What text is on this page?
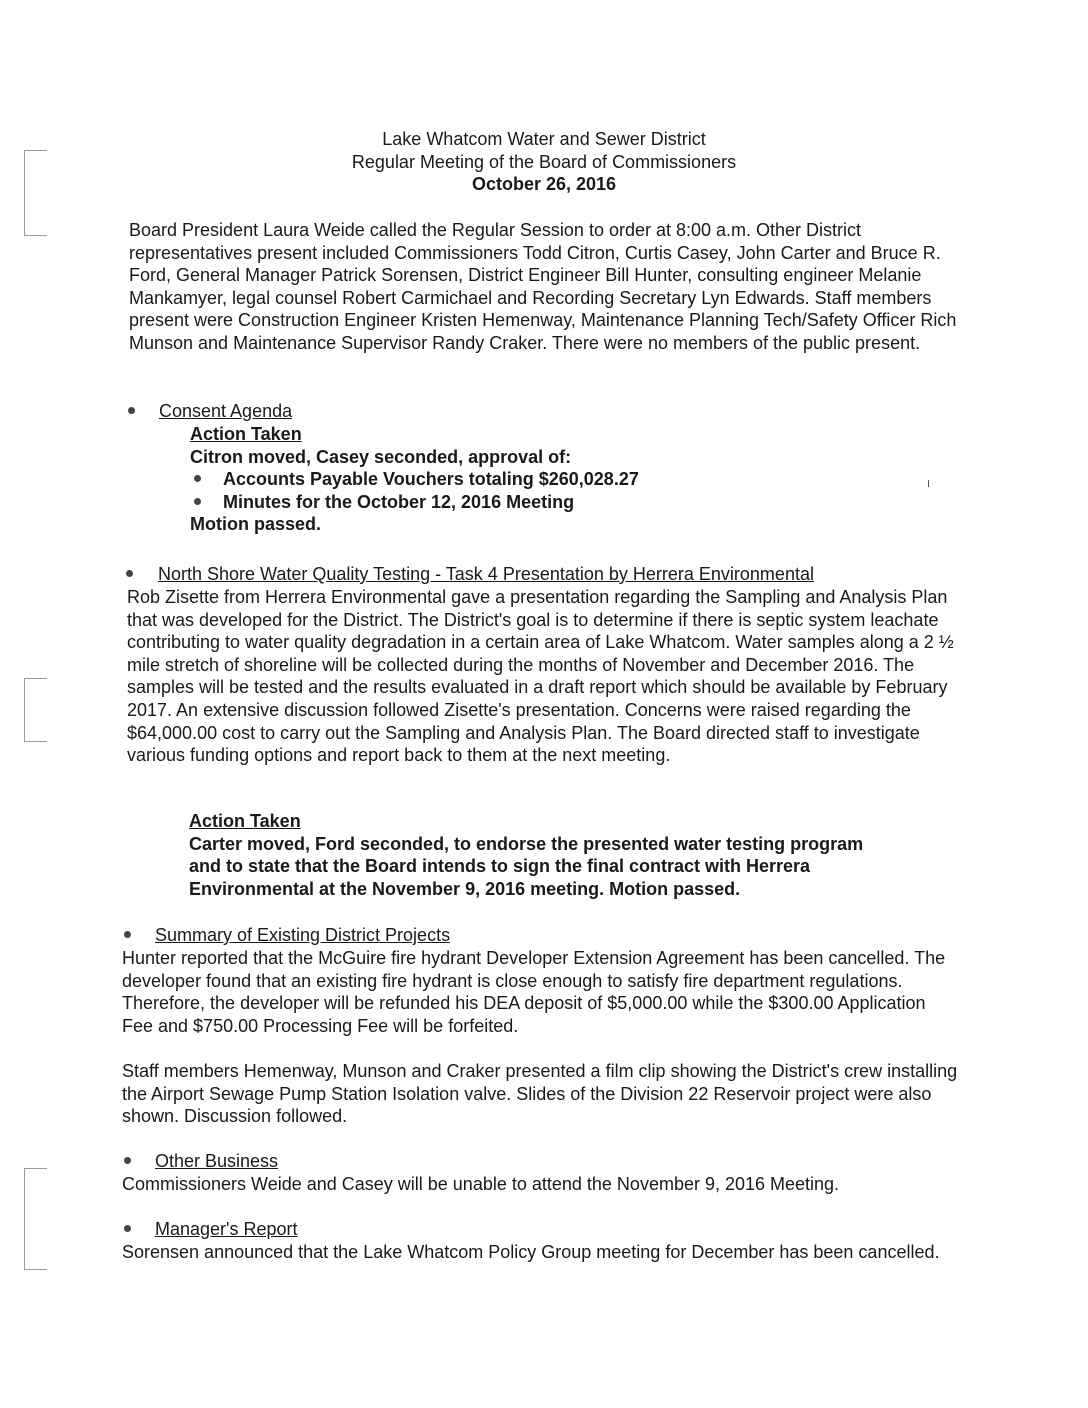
Lake Whatcom Water and Sewer District
Regular Meeting of the Board of Commissioners
October 26, 2016

Board President Laura Weide called the Regular Session to order at 8:00 a.m. Other District representatives present included Commissioners Todd Citron, Curtis Casey, John Carter and Bruce R. Ford, General Manager Patrick Sorensen, District Engineer Bill Hunter, consulting engineer Melanie Mankamyer, legal counsel Robert Carmichael and Recording Secretary Lyn Edwards. Staff members present were Construction Engineer Kristen Hemenway, Maintenance Planning Tech/Safety Officer Rich Munson and Maintenance Supervisor Randy Craker. There were no members of the public present.

Consent Agenda
Action Taken
Citron moved, Casey seconded, approval of:
Accounts Payable Vouchers totaling $260,028.27
Minutes for the October 12, 2016 Meeting
Motion passed.
North Shore Water Quality Testing - Task 4 Presentation by Herrera Environmental

Rob Zisette from Herrera Environmental gave a presentation regarding the Sampling and Analysis Plan that was developed for the District. The District's goal is to determine if there is septic system leachate contributing to water quality degradation in a certain area of Lake Whatcom. Water samples along a 2 ½ mile stretch of shoreline will be collected during the months of November and December 2016. The samples will be tested and the results evaluated in a draft report which should be available by February 2017. An extensive discussion followed Zisette's presentation. Concerns were raised regarding the $64,000.00 cost to carry out the Sampling and Analysis Plan. The Board directed staff to investigate various funding options and report back to them at the next meeting.

Action Taken
Carter moved, Ford seconded, to endorse the presented water testing program
and to state that the Board intends to sign the final contract with Herrera
Environmental at the November 9, 2016 meeting. Motion passed.
Summary of Existing District Projects

Hunter reported that the McGuire fire hydrant Developer Extension Agreement has been cancelled. The developer found that an existing fire hydrant is close enough to satisfy fire department regulations. Therefore, the developer will be refunded his DEA deposit of $5,000.00 while the $300.00 Application Fee and $750.00 Processing Fee will be forfeited.

Staff members Hemenway, Munson and Craker presented a film clip showing the District's crew installing the Airport Sewage Pump Station Isolation valve. Slides of the Division 22 Reservoir project were also shown. Discussion followed.

Other Business

Commissioners Weide and Casey will be unable to attend the November 9, 2016 Meeting.

Manager's Report

Sorensen announced that the Lake Whatcom Policy Group meeting for December has been cancelled.
